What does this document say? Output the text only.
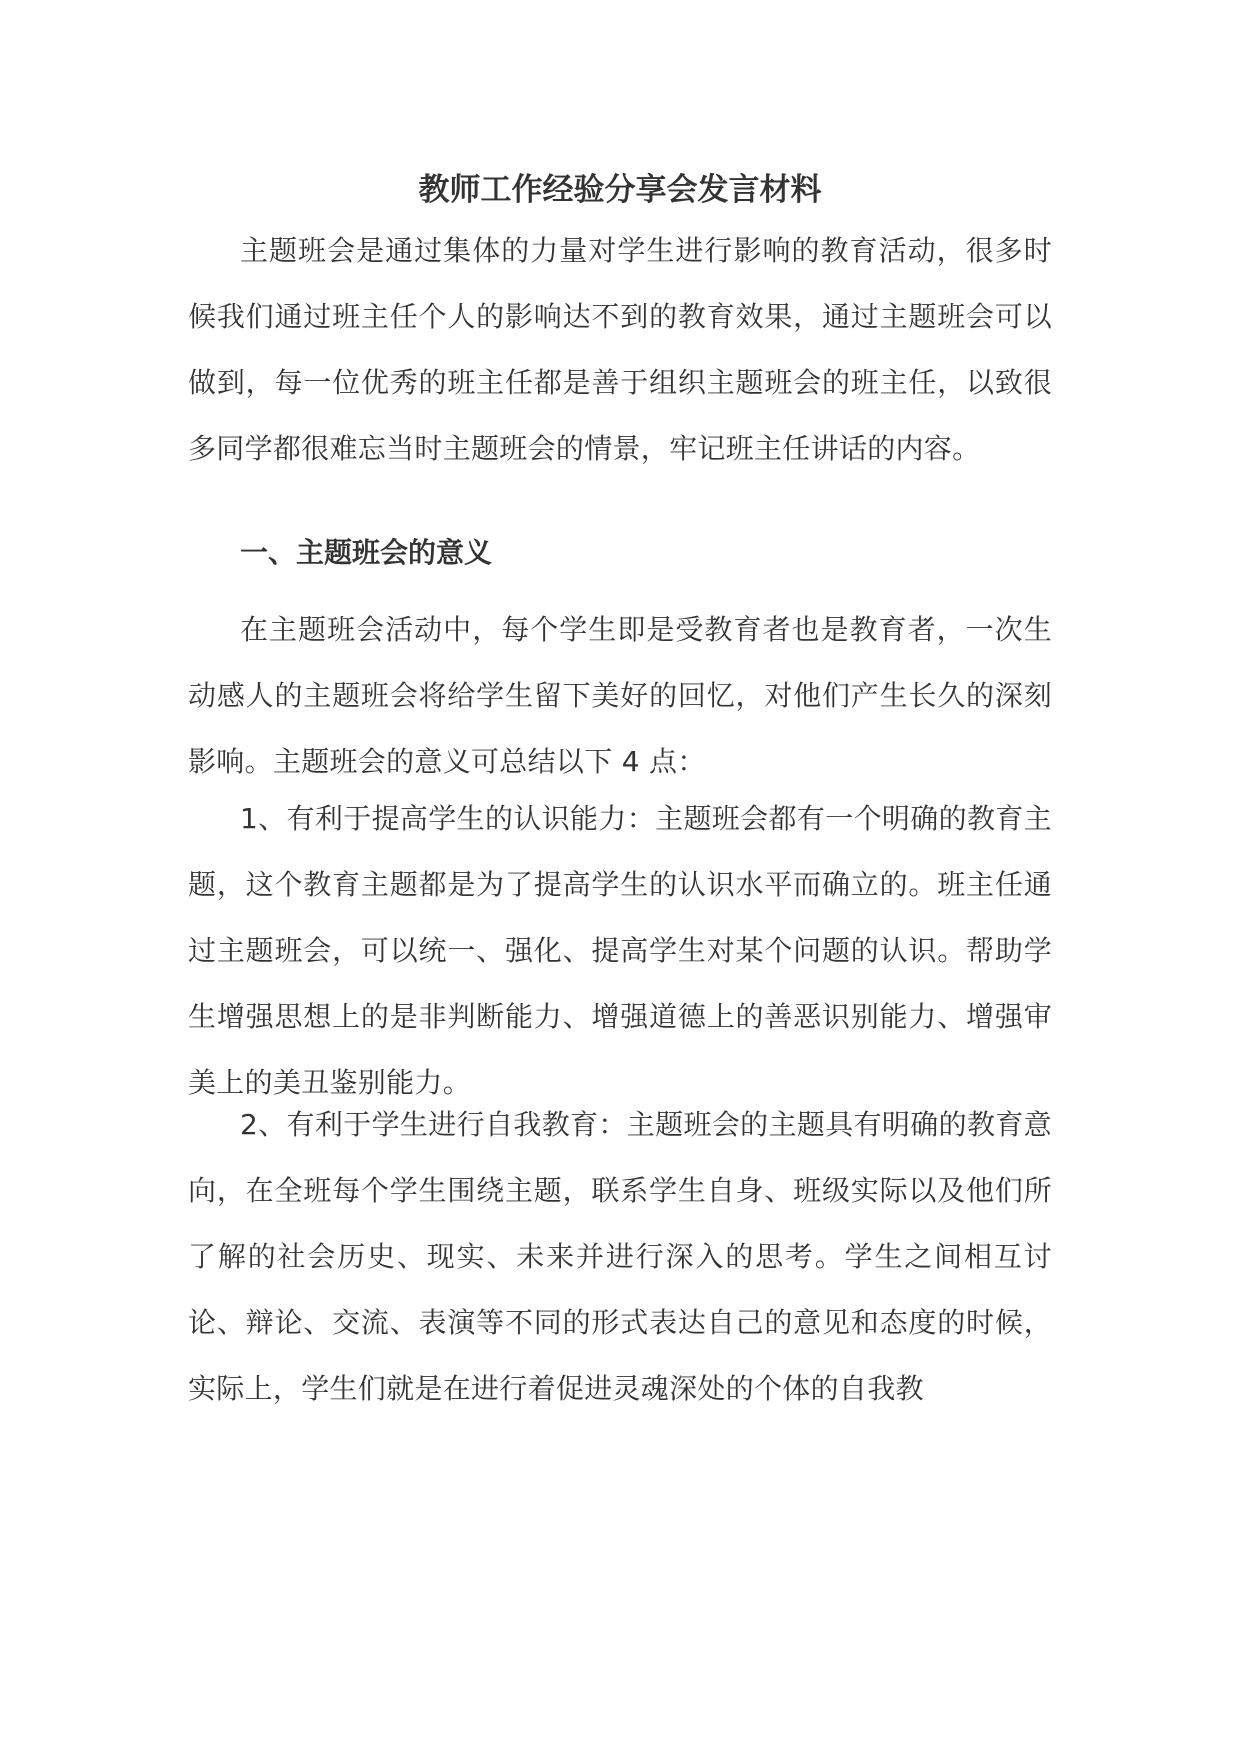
教师工作经验分享会发言材料

主题班会是通过集体的力量对学生进行影响的教育活动，很多时候我们通过班主任个人的影响达不到的教育效果，通过主题班会可以做到，每一位优秀的班主任都是善于组织主题班会的班主任，以致很多同学都很难忘当时主题班会的情景，牢记班主任讲话的内容。

一、主题班会的意义

在主题班会活动中，每个学生即是受教育者也是教育者，一次生动感人的主题班会将给学生留下美好的回忆，对他们产生长久的深刻影响。主题班会的意义可总结以下 4 点：

1、有利于提高学生的认识能力：主题班会都有一个明确的教育主题，这个教育主题都是为了提高学生的认识水平而确立的。班主任通过主题班会，可以统一、强化、提高学生对某个问题的认识。帮助学生增强思想上的是非判断能力、增强道德上的善恶识别能力、增强审美上的美丑鉴别能力。

2、有利于学生进行自我教育：主题班会的主题具有明确的教育意向，在全班每个学生围绕主题，联系学生自身、班级实际以及他们所了解的社会历史、现实、未来并进行深入的思考。学生之间相互讨论、辩论、交流、表演等不同的形式表达自己的意见和态度的时候，实际上，学生们就是在进行着促进灵魂深处的个体的自我教
